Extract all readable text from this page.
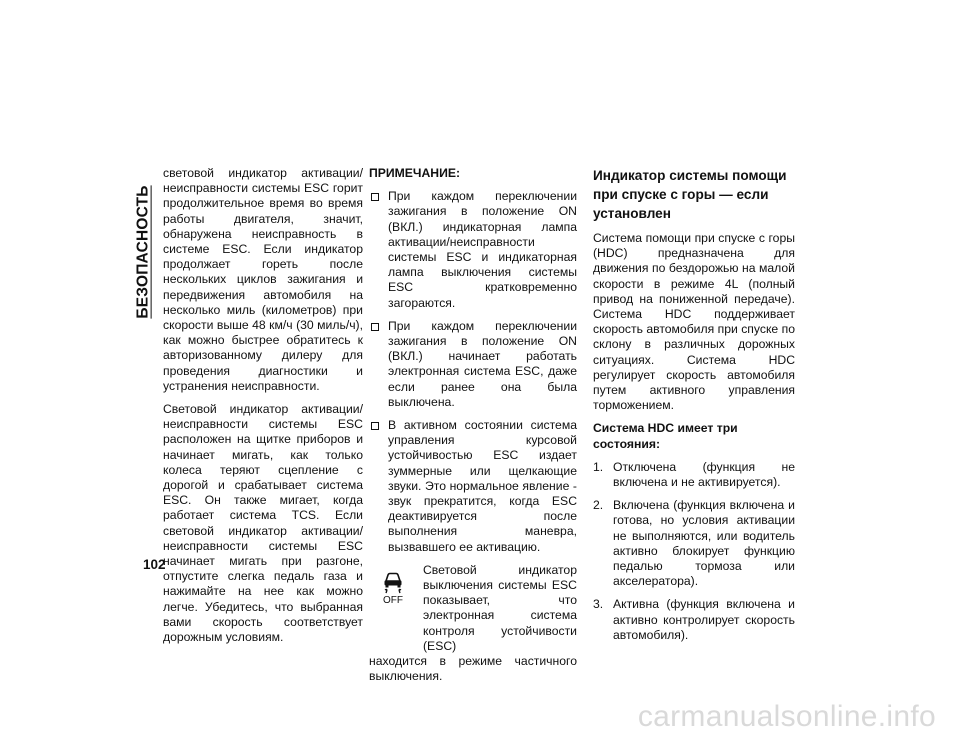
БЕЗОПАСНОСТЬ

световой индикатор активации/неисправности системы ESC горит продолжительное время во время работы двигателя, значит, обнаружена неисправность в системе ESC. Если индикатор продолжает гореть после нескольких циклов зажигания и передвижения автомобиля на несколько миль (километров) при скорости выше 48 км/ч (30 миль/ч), как можно быстрее обратитесь к авторизованному дилеру для проведения диагностики и устранения неисправности.

Световой индикатор активации/неисправности системы ESC расположен на щитке приборов и начинает мигать, как только колеса теряют сцепление с дорогой и срабатывает система ESC. Он также мигает, когда работает система TCS. Если световой индикатор активации/неисправности системы ESC начинает мигать при разгоне, отпустите слегка педаль газа и нажимайте на нее как можно легче. Убедитесь, что выбранная вами скорость соответствует дорожным условиям.

ПРИМЕЧАНИЕ:
При каждом переключении зажигания в положение ON (ВКЛ.) индикаторная лампа активации/неисправности системы ESC и индикаторная лампа выключения системы ESC кратковременно загораются.
При каждом переключении зажигания в положение ON (ВКЛ.) начинает работать электронная система ESC, даже если ранее она была выключена.
В активном состоянии система управления курсовой устойчивостью ESC издает зуммерные или щелкающие звуки. Это нормальное явление - звук прекратится, когда ESC деактивируется после выполнения маневра, вызвавшего ее активацию.
OFF
Световой индикатор выключения системы ESC показывает, что электронная система контроля устойчивости (ESC)

находится в режиме частичного выключения.

Индикатор системы помощи при спуске с горы — если установлен

Система помощи при спуске с горы (HDC) предназначена для движения по бездорожью на малой скорости в режиме 4L (полный привод на пониженной передаче). Система HDC поддерживает скорость автомобиля при спуске по склону в различных дорожных ситуациях. Система HDC регулирует скорость автомобиля путем активного управления торможением.

Система HDC имеет три состояния:
1. Отключена (функция не включена и не активируется).
2. Включена (функция включена и готова, но условия активации не выполняются, или водитель активно блокирует функцию педалью тормоза или акселератора).
3. Активна (функция включена и активно контролирует скорость автомобиля).
102
carmanualsonline.info
